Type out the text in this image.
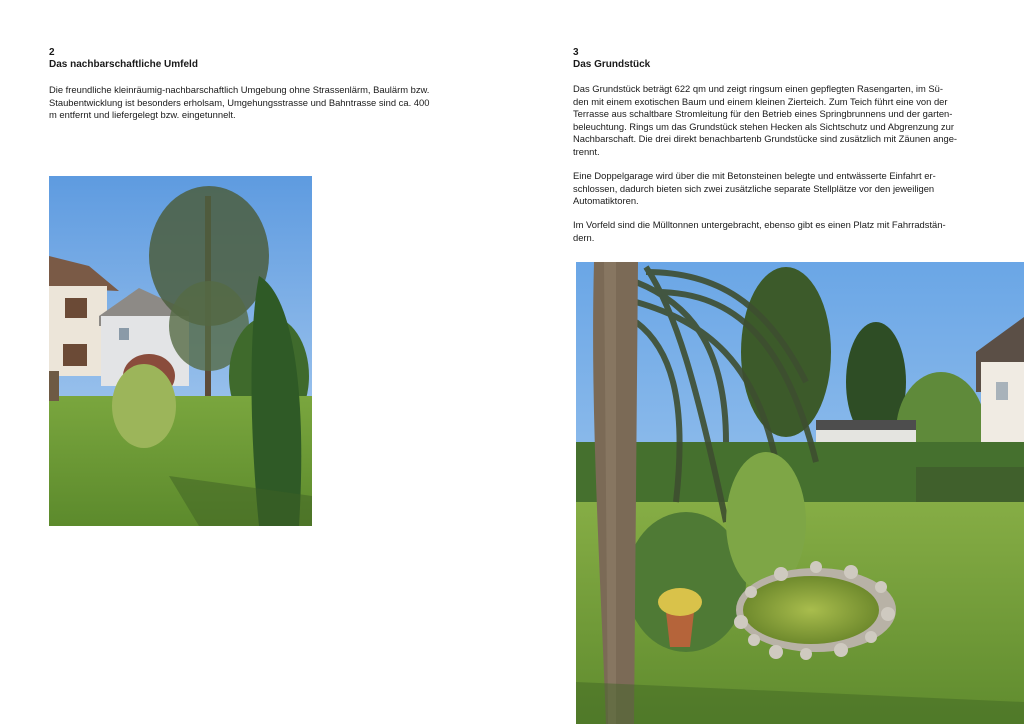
2
Das nachbarschaftliche Umfeld
Die freundliche kleinräumig-nachbarschaftlich Umgebung ohne Strassenlärm, Baulärm bzw.
Staubentwicklung ist besonders erholsam, Umgehungsstrasse und Bahntrasse sind ca. 400
m entfernt und liefergelegt bzw. eingetunnelt.
3
Das Grundstück
Das Grundstück beträgt 622 qm und zeigt ringsum einen gepflegten Rasengarten, im Sü-
den mit einem exotischen Baum und einem kleinen Zierteich. Zum Teich führt eine von der
Terrasse aus schaltbare Stromleitung für den Betrieb eines Springbrunnens und der garten-
beleuchtung. Rings um das Grundstück stehen Hecken als Sichtschutz und Abgrenzung zur
Nachbarschaft. Die drei direkt benachbartenb Grundstücke sind zusätzlich mit Zäunen ange-
trennt.
Eine Doppelgarage wird über die mit Betonsteinen belegte und entwässerte Einfahrt er-
schlossen, dadurch bieten sich zwei zusätzliche separate Stellplätze vor den jeweiligen
Automatiktoren.
Im Vorfeld sind die Mülltonnen untergebracht, ebenso gibt es einen Platz mit Fahrradstän-
dern.
